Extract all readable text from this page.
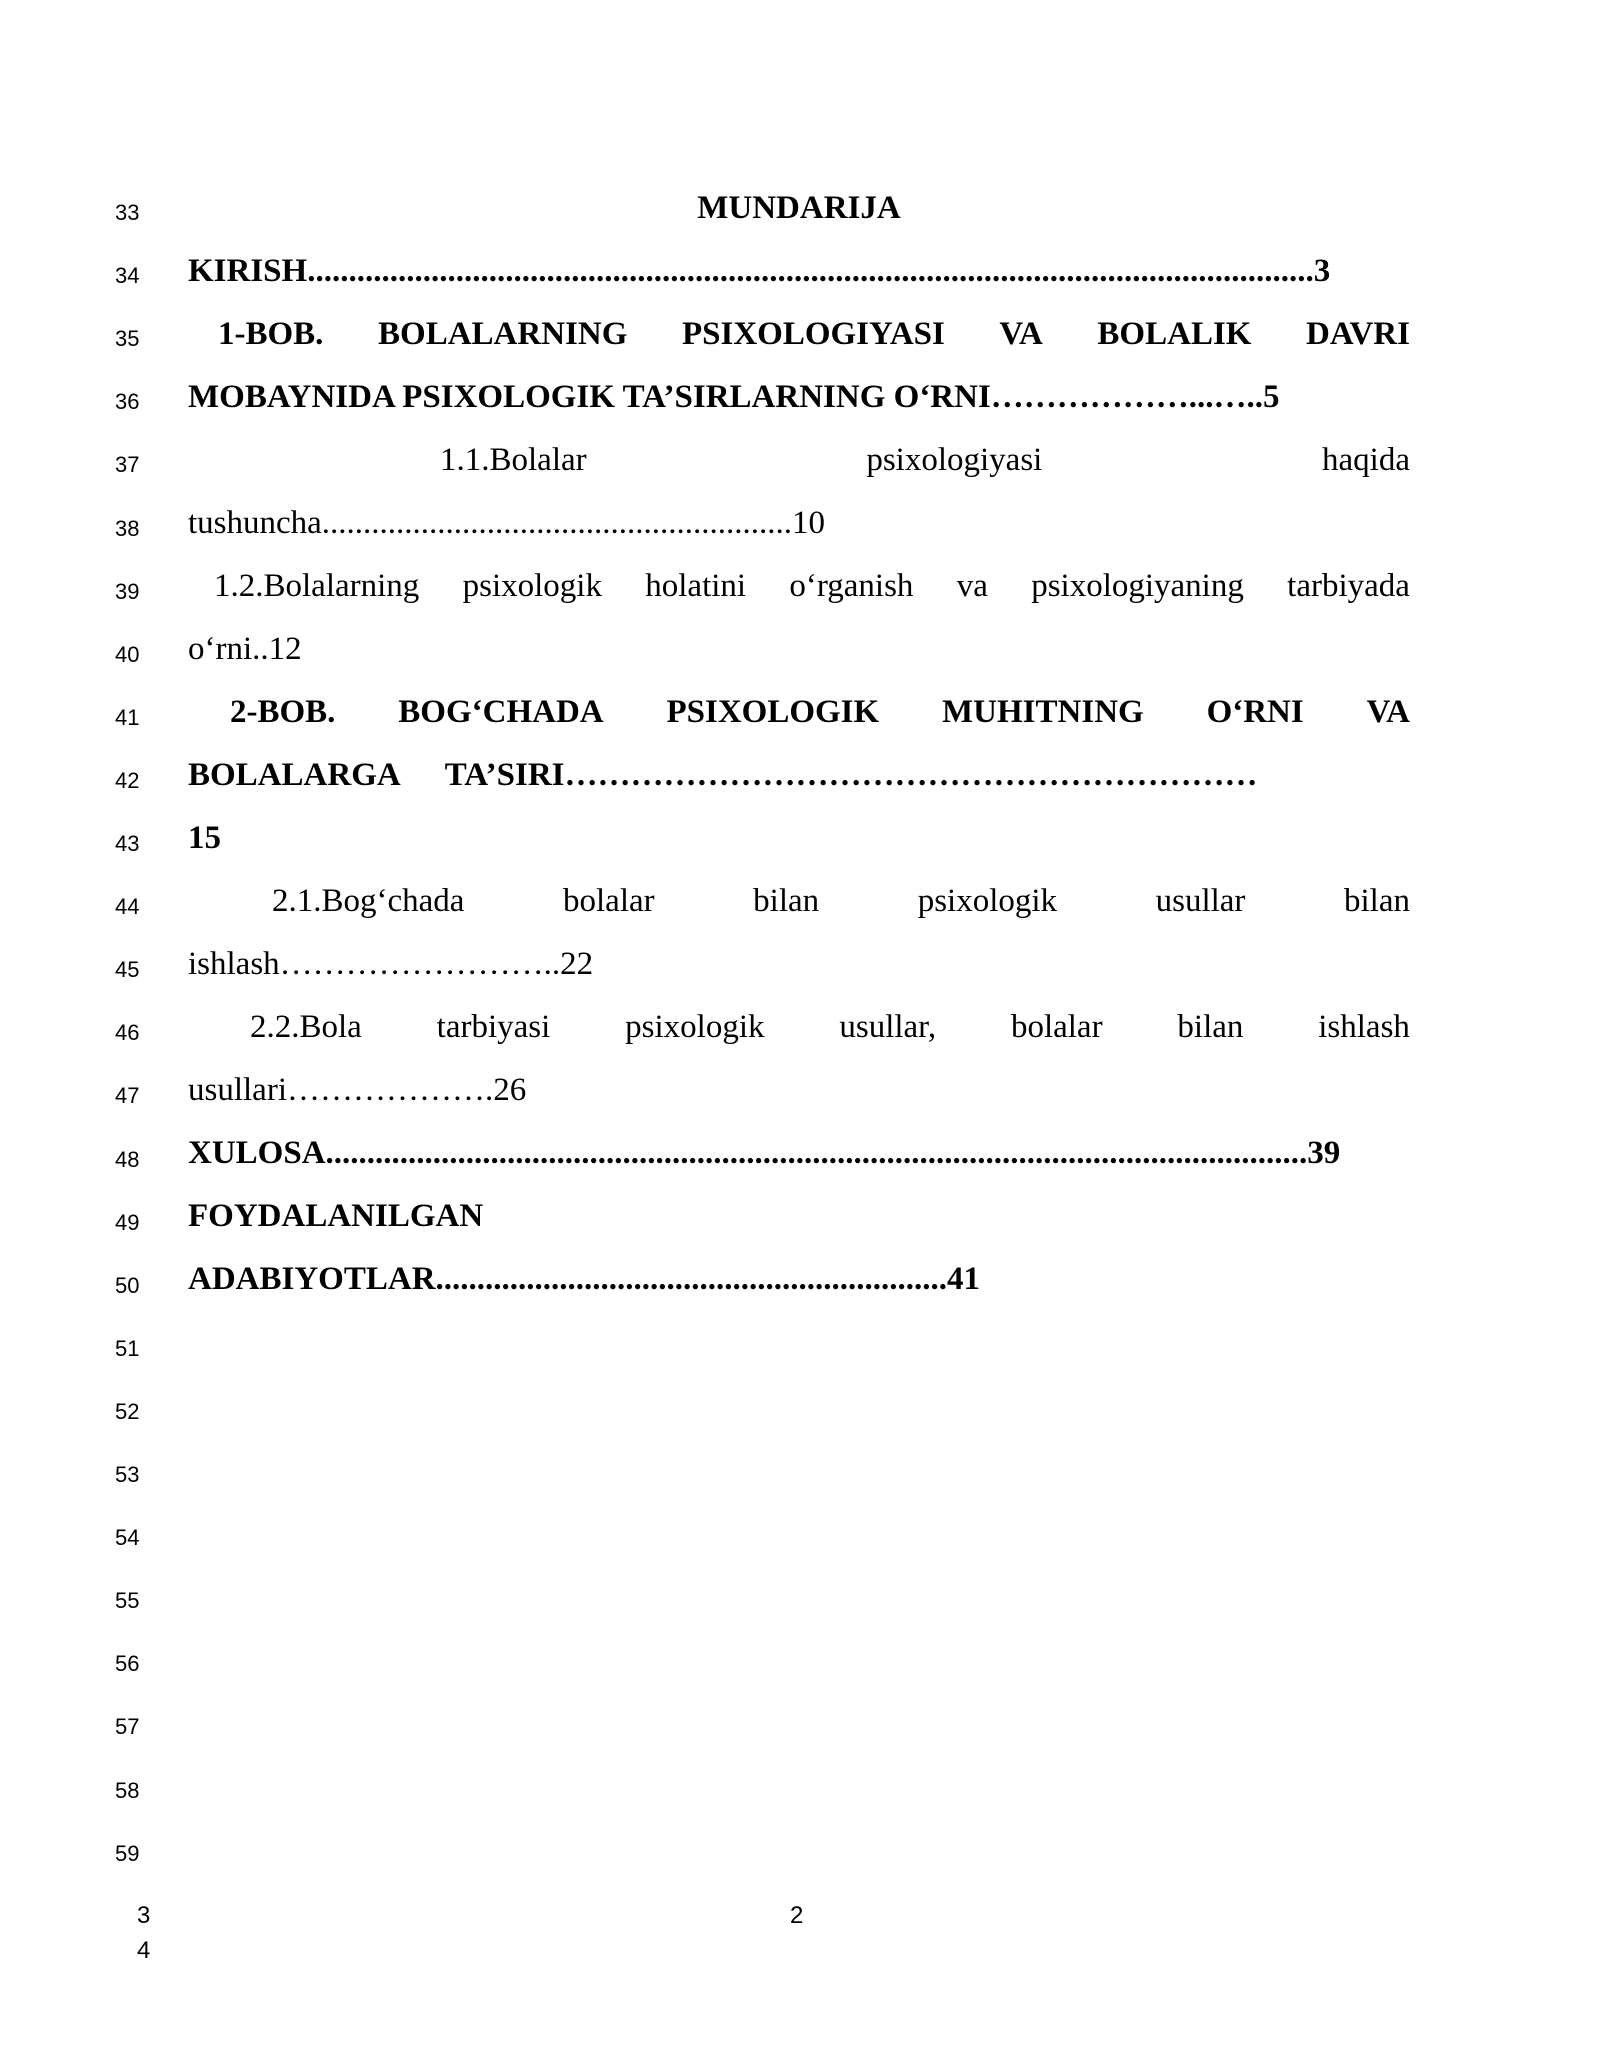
33
34
35
36
37
38
39
40
41
42
43
44
45
46
47
48
49
50
51
52
53
54
55
56
57
58
59
MUNDARIJA
KIRISH..........................................................................................................................3
1-BOB. BOLALARNING PSIXOLOGIYASI VA BOLALIK DAVRI
MOBAYNIDA PSIXOLOGIK TA’SIRLARNING O‘RNI………………...…..5
1.1.Bolalar	psixologiyasi	haqida
tushuncha.........................................................10
1.2.Bolalarning psixologik holatini o‘rganish va psixologiyaning tarbiyada
o‘rni..12
2-BOB. BOG‘CHADA PSIXOLOGIK MUHITNING O‘RNI VA
BOLALARGA TA’SIRI………………………………………………………
15
2.1.Bog‘chada	bolalar	bilan	psixologik	usullar	bilan
ishlash……………………..22
2.2.Bola tarbiyasi psixologik usullar, bolalar bilan ishlash
usullari……………….26
XULOSA.......................................................................................................................39
FOYDALANILGAN
ADABIYOTLAR..............................................................41
3
4
2
